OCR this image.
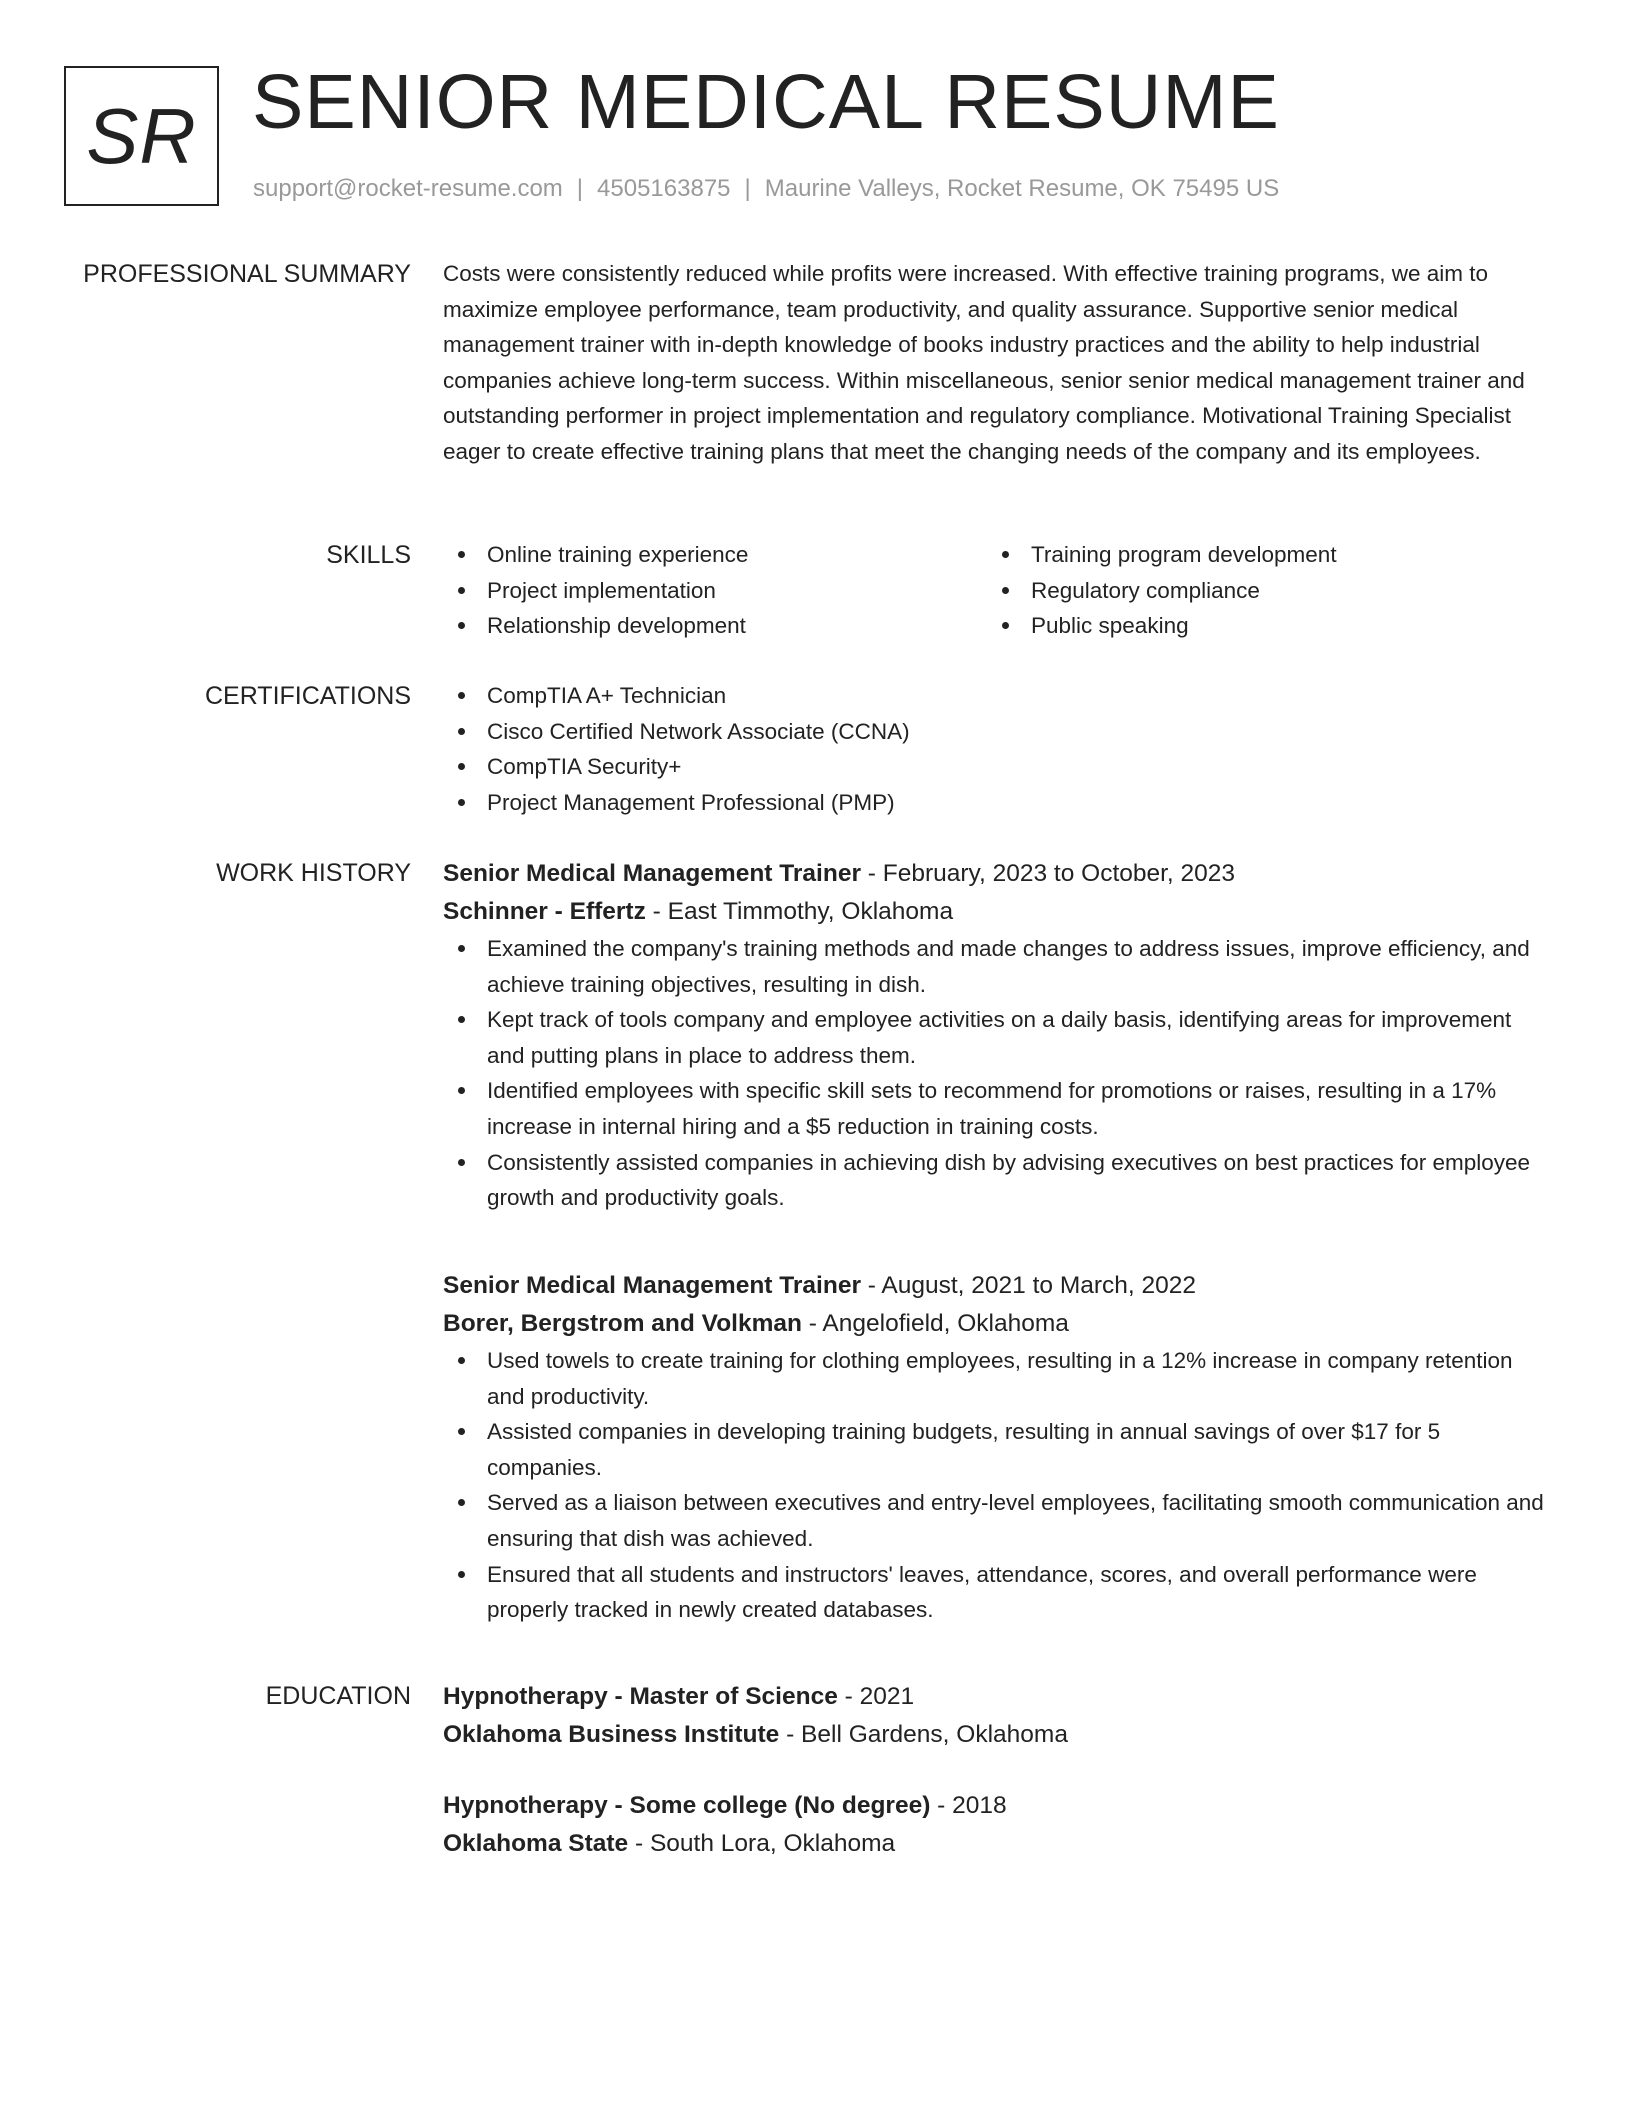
SR SENIOR MEDICAL RESUME
support@rocket-resume.com | 4505163875 | Maurine Valleys, Rocket Resume, OK 75495 US
PROFESSIONAL SUMMARY Costs were consistently reduced while profits were increased. With effective training programs, we aim to maximize employee performance, team productivity, and quality assurance. Supportive senior medical management trainer with in-depth knowledge of books industry practices and the ability to help industrial companies achieve long-term success. Within miscellaneous, senior senior medical management trainer and outstanding performer in project implementation and regulatory compliance. Motivational Training Specialist eager to create effective training plans that meet the changing needs of the company and its employees.

SKILLS	Online training experience
Project implementation
Relationship development
Training program development
Regulatory compliance
Public speaking
CERTIFICATIONS	CompTIA A+ Technician
Cisco Certified Network Associate (CCNA)
CompTIA Security+
Project Management Professional (PMP)
WORK HISTORY Senior Medical Management Trainer - February, 2023 to October, 2023
Schinner - Effertz - East Timmothy, Oklahoma
Examined the company's training methods and made changes to address issues, improve efficiency, and achieve training objectives, resulting in dish.
Kept track of tools company and employee activities on a daily basis, identifying areas for improvement and putting plans in place to address them.
Identified employees with specific skill sets to recommend for promotions or raises, resulting in a 17% increase in internal hiring and a $5 reduction in training costs.
Consistently assisted companies in achieving dish by advising executives on best practices for employee growth and productivity goals.
Senior Medical Management Trainer - August, 2021 to March, 2022
Borer, Bergstrom and Volkman - Angelofield, Oklahoma
Used towels to create training for clothing employees, resulting in a 12% increase in company retention and productivity.
Assisted companies in developing training budgets, resulting in annual savings of over $17 for 5 companies.
Served as a liaison between executives and entry-level employees, facilitating smooth communication and ensuring that dish was achieved.
Ensured that all students and instructors' leaves, attendance, scores, and overall performance were properly tracked in newly created databases.
EDUCATION Hypnotherapy - Master of Science - 2021
Oklahoma Business Institute - Bell Gardens, Oklahoma
Hypnotherapy - Some college (No degree) - 2018
Oklahoma State - South Lora, Oklahoma
